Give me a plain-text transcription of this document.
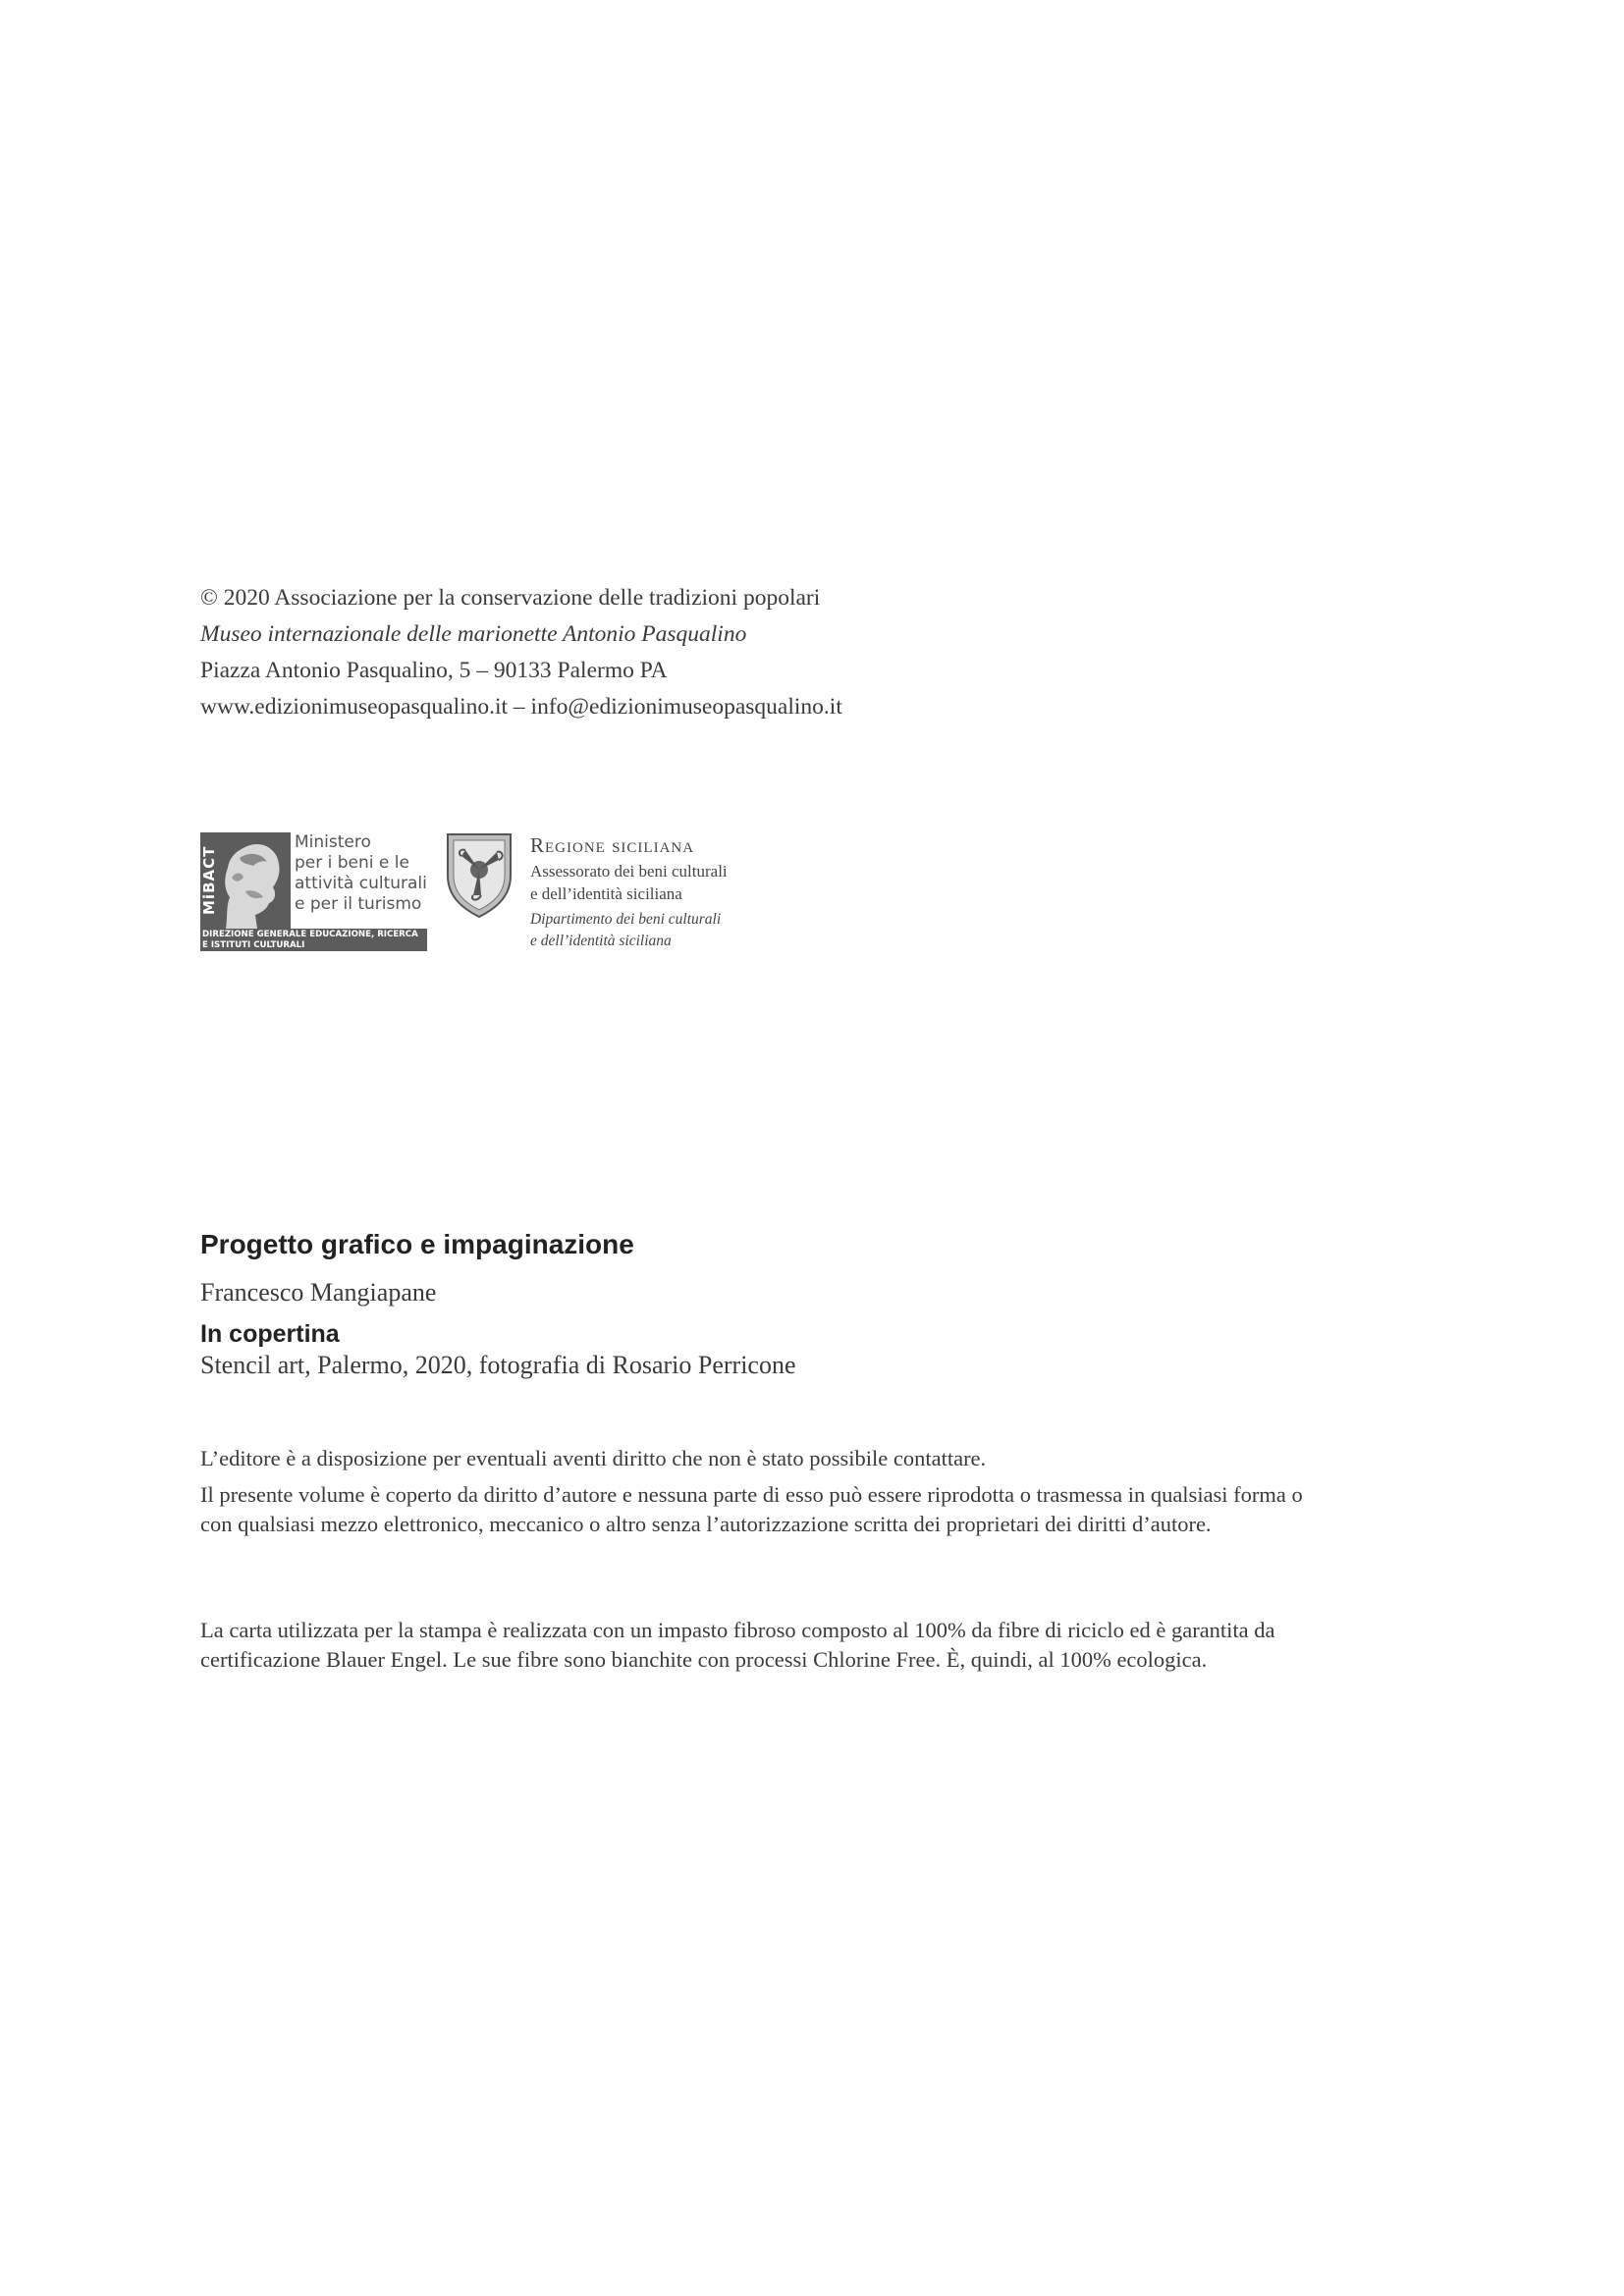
© 2020 Associazione per la conservazione delle tradizioni popolari
Museo internazionale delle marionette Antonio Pasqualino
Piazza Antonio Pasqualino, 5 – 90133 Palermo PA
www.edizionimuseopasqualino.it – info@edizionimuseopasqualino.it
MiBACT
Ministero
per i beni e le
attività culturali
e per il turismo
DIREZIONE GENERALE EDUCAZIONE, RICERCA
E ISTITUTI CULTURALI
Regione siciliana
Assessorato dei beni culturali
e dell’identità siciliana
Dipartimento dei beni culturali
e dell’identità siciliana
Progetto grafico e impaginazione
Francesco Mangiapane
In copertina
Stencil art, Palermo, 2020, fotografia di Rosario Perricone
L’editore è a disposizione per eventuali aventi diritto che non è stato possibile contattare.
Il presente volume è coperto da diritto d’autore e nessuna parte di esso può essere riprodotta o trasmessa in qualsiasi forma o con qualsiasi mezzo elettronico, meccanico o altro senza l’autorizzazione scritta dei proprietari dei diritti d’autore.
La carta utilizzata per la stampa è realizzata con un impasto fibroso composto al 100% da fibre di riciclo ed è garantita da certificazione Blauer Engel. Le sue fibre sono bianchite con processi Chlorine Free. È, quindi, al 100% ecologica.
